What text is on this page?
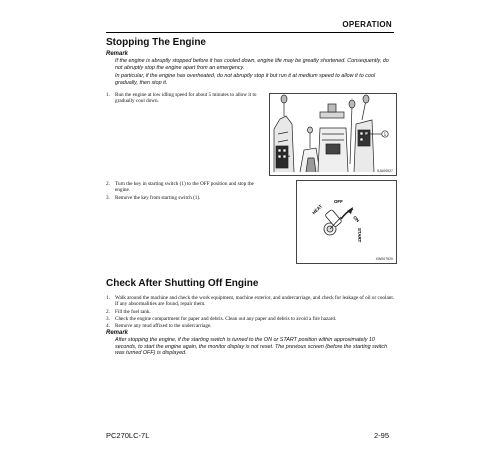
OPERATION
Stopping The Engine
Remark

If the engine is abruptly stopped before it has cooled down, engine life may be greatly shortened. Consequently, do not abruptly stop the engine apart from an emergency.

In particular, if the engine has overheated, do not abruptly stop it but run it at medium speed to allow it to cool gradually, then stop it.

1. Run the engine at low idling speed for about 5 minutes to allow it to gradually cool down.
2. Turn the key in starting switch (1) to the OFF position and stop the engine.
3. Remove the key from starting switch (1).
1
SJA00527
HEAT
OFF
ON
START
XW007520
Check After Shutting Off Engine
1. Walk around the machine and check the work equipment, machine exterior, and undercarriage, and check for leakage of oil or coolant. If any abnormalities are found, repair them.
2. Fill the fuel tank.
3. Check the engine compartment for paper and debris. Clean out any paper and debris to avoid a fire hazard.
4. Remove any mud affixed to the undercarriage.
Remark

After stopping the engine, if the starting switch is turned to the ON or START position within approximately 10 seconds, to start the engine again, the monitor display is not reset. The previous screen (before the starting switch was turned OFF) is displayed.

PC270LC-7L	2-95
